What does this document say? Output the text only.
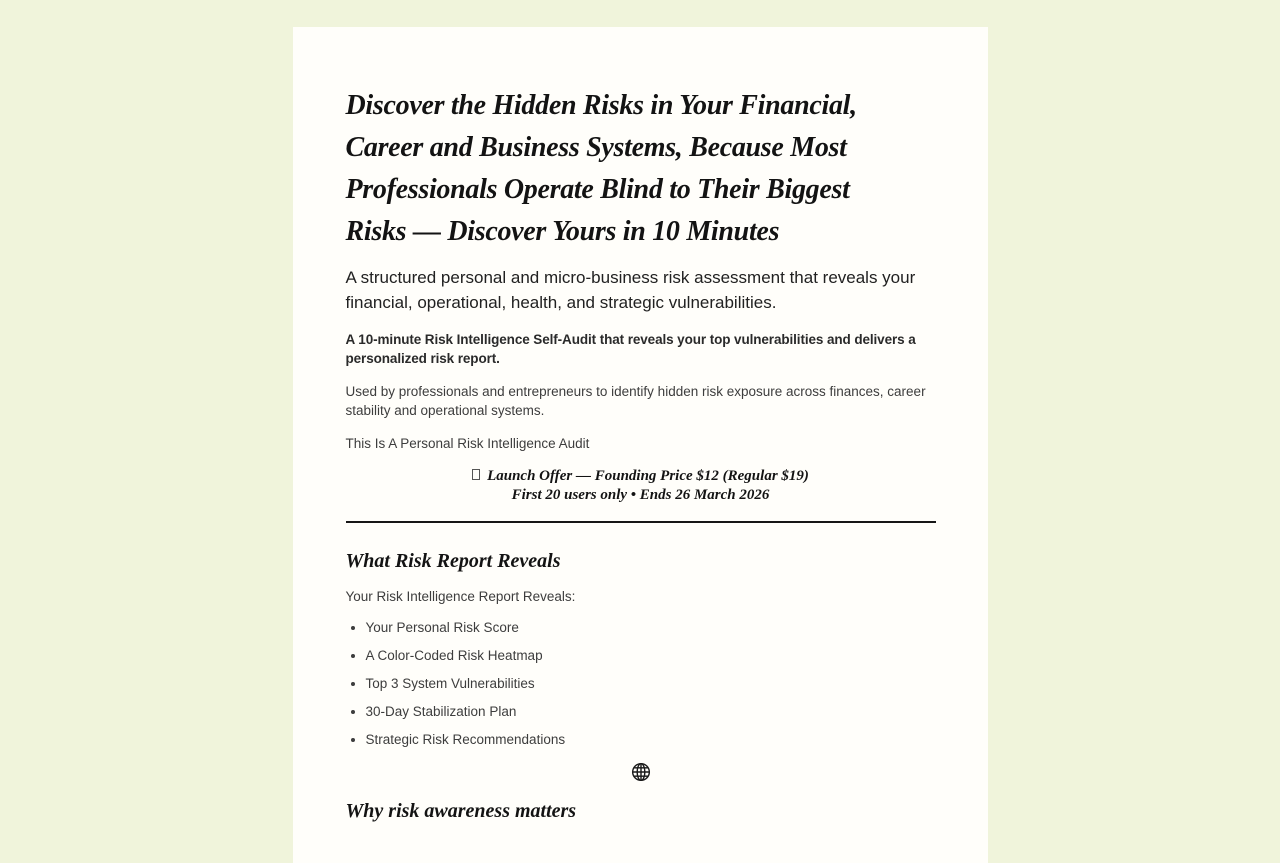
Discover the Hidden Risks in Your Financial,
Career and Business Systems, Because Most
Professionals Operate Blind to Their Biggest
Risks — Discover Yours in 10 Minutes

A structured personal and micro-business risk assessment that reveals your financial, operational, health, and strategic vulnerabilities.

A 10-minute Risk Intelligence Self-Audit that reveals your top vulnerabilities and delivers a personalized risk report.

Used by professionals and entrepreneurs to identify hidden risk exposure across finances, career stability and operational systems.

This Is A Personal Risk Intelligence Audit

Launch Offer — Founding Price $12 (Regular $19)
First 20 users only • Ends 26 March 2026
What Risk Report Reveals

Your Risk Intelligence Report Reveals:

• Your Personal Risk Score
• A Color-Coded Risk Heatmap
• Top 3 System Vulnerabilities
• 30-Day Stabilization Plan
• Strategic Risk Recommendations
Why risk awareness matters
